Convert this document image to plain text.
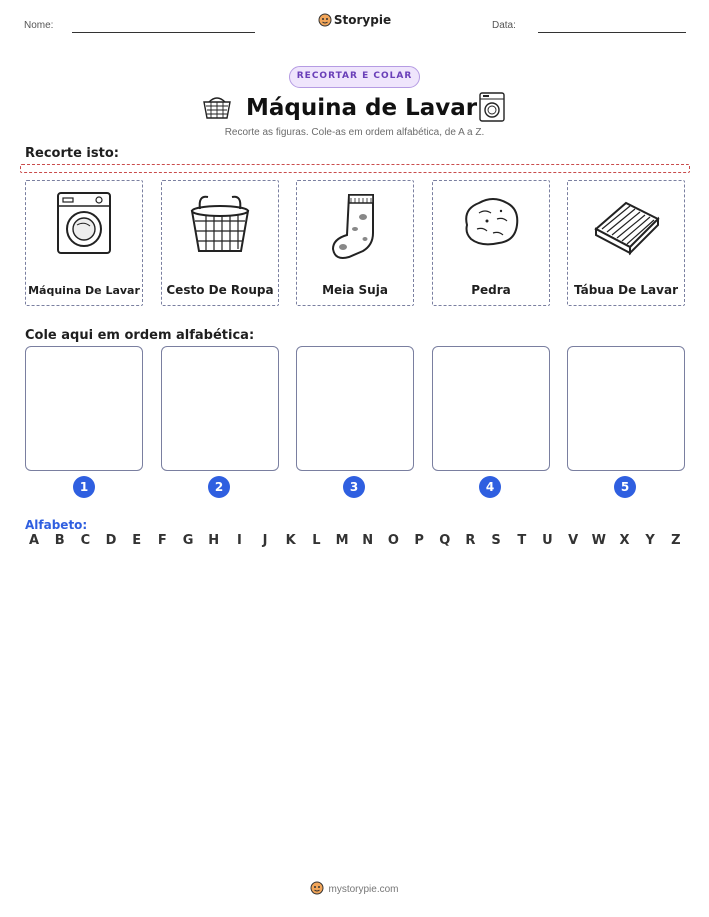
Nome:	Storypie	Data:
RECORTAR E COLAR
Máquina de Lavar
Recorte as figuras. Cole-as em ordem alfabética, de A a Z.
Recorte isto:
Máquina De Lavar	Cesto De Roupa	Meia Suja	Pedra	Tábua De Lavar
Cole aqui em ordem alfabética:
1	2	3	4	5
Alfabeto:
A	B	C	D	E	F	G H	I	J	K	L	M N O	P	Q	R	S	T	U	V	W	X	Y	Z
mystorypie.com
